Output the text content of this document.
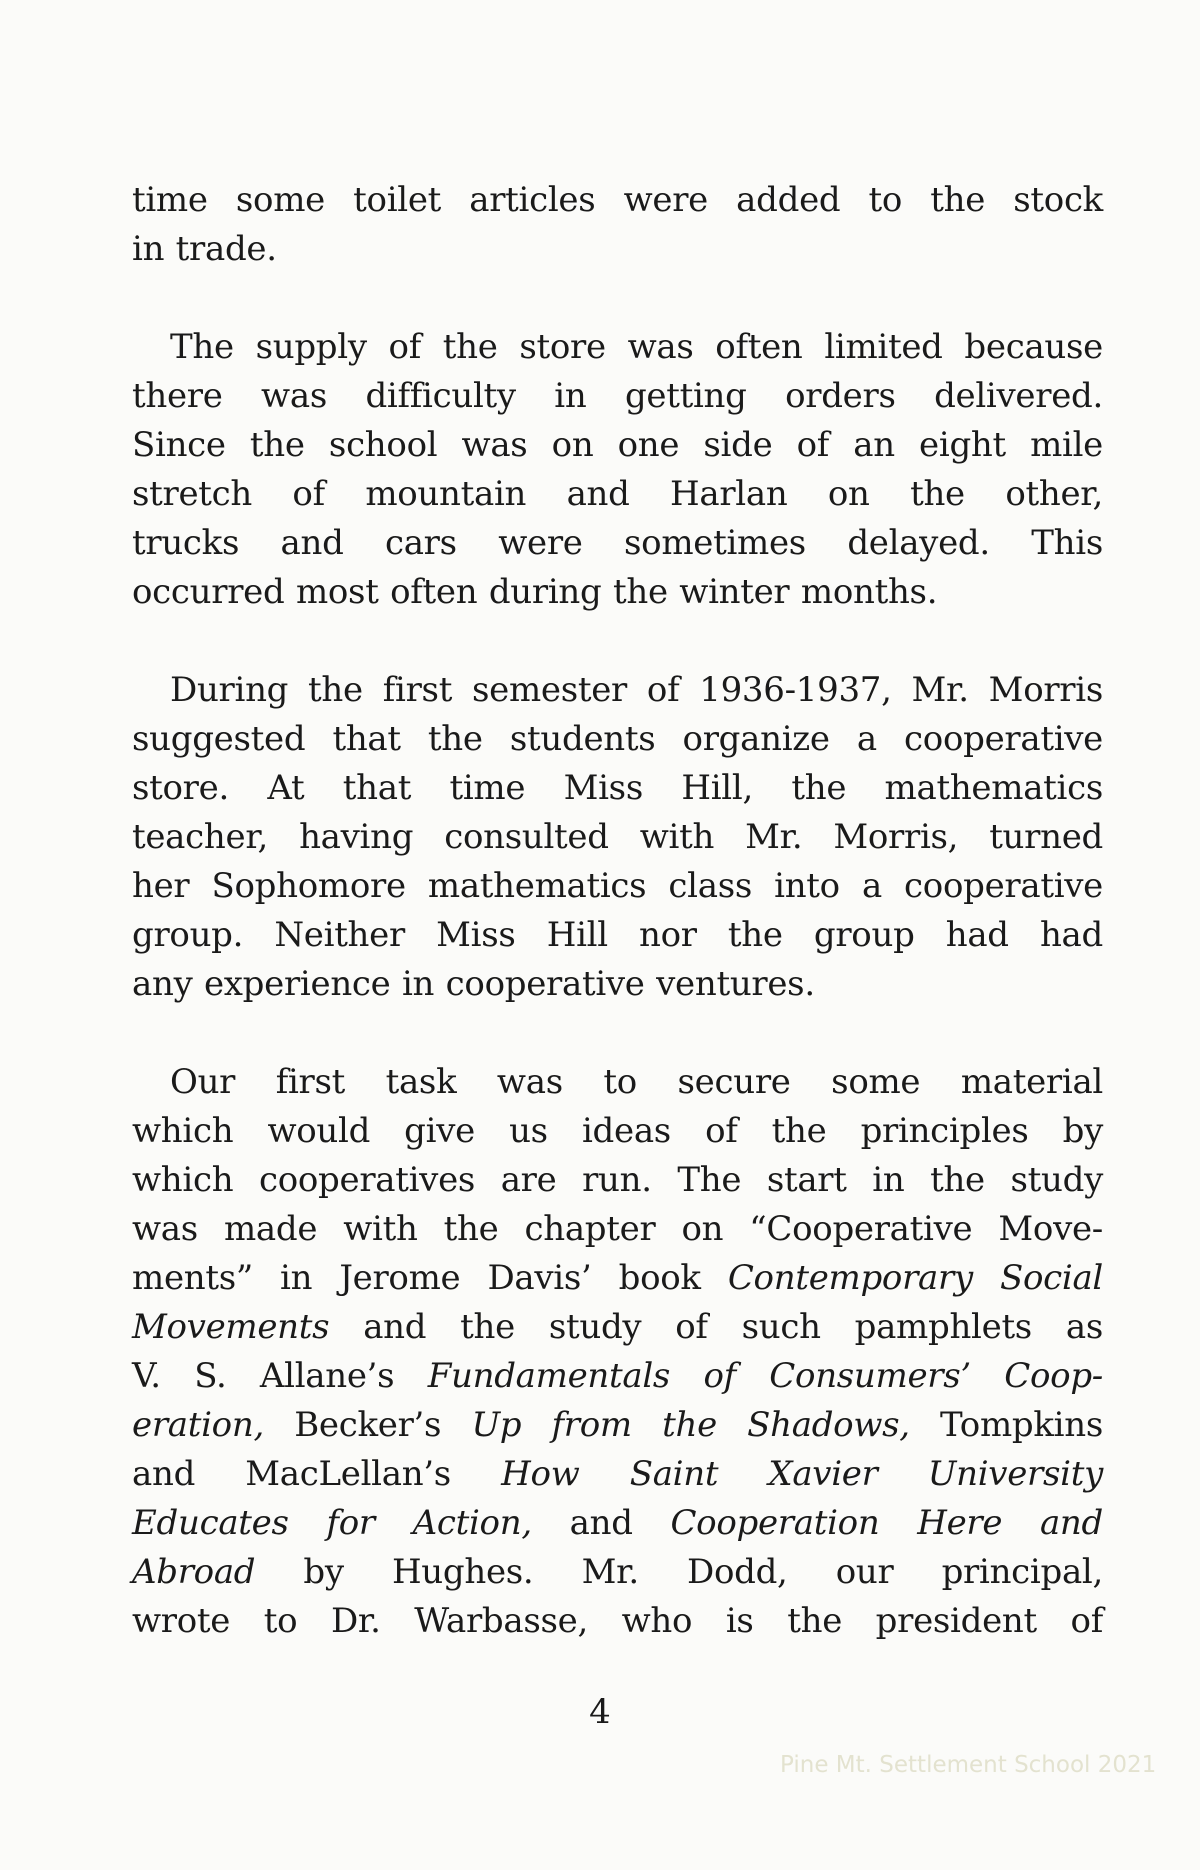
time some toilet articles were added to the stock
in trade.

The supply of the store was often limited because
there was difficulty in getting orders delivered.
Since the school was on one side of an eight mile
stretch of mountain and Harlan on the other,
trucks and cars were sometimes delayed. This
occurred most often during the winter months.

During the first semester of 1936-1937, Mr. Morris
suggested that the students organize a cooperative
store. At that time Miss Hill, the mathematics
teacher, having consulted with Mr. Morris, turned
her Sophomore mathematics class into a cooperative
group. Neither Miss Hill nor the group had had
any experience in cooperative ventures.

Our first task was to secure some material
which would give us ideas of the principles by
which cooperatives are run. The start in the study
was made with the chapter on “Cooperative Move-
ments” in Jerome Davis’ book Contemporary Social
Movements and the study of such pamphlets as
V. S. Allane’s Fundamentals of Consumers’ Coop-
eration, Becker’s Up from the Shadows, Tompkins
and MacLellan’s How Saint Xavier University
Educates for Action, and Cooperation Here and
Abroad by Hughes. Mr. Dodd, our principal,
wrote to Dr. Warbasse, who is the president of

4
Pine Mt. Settlement School 2021
